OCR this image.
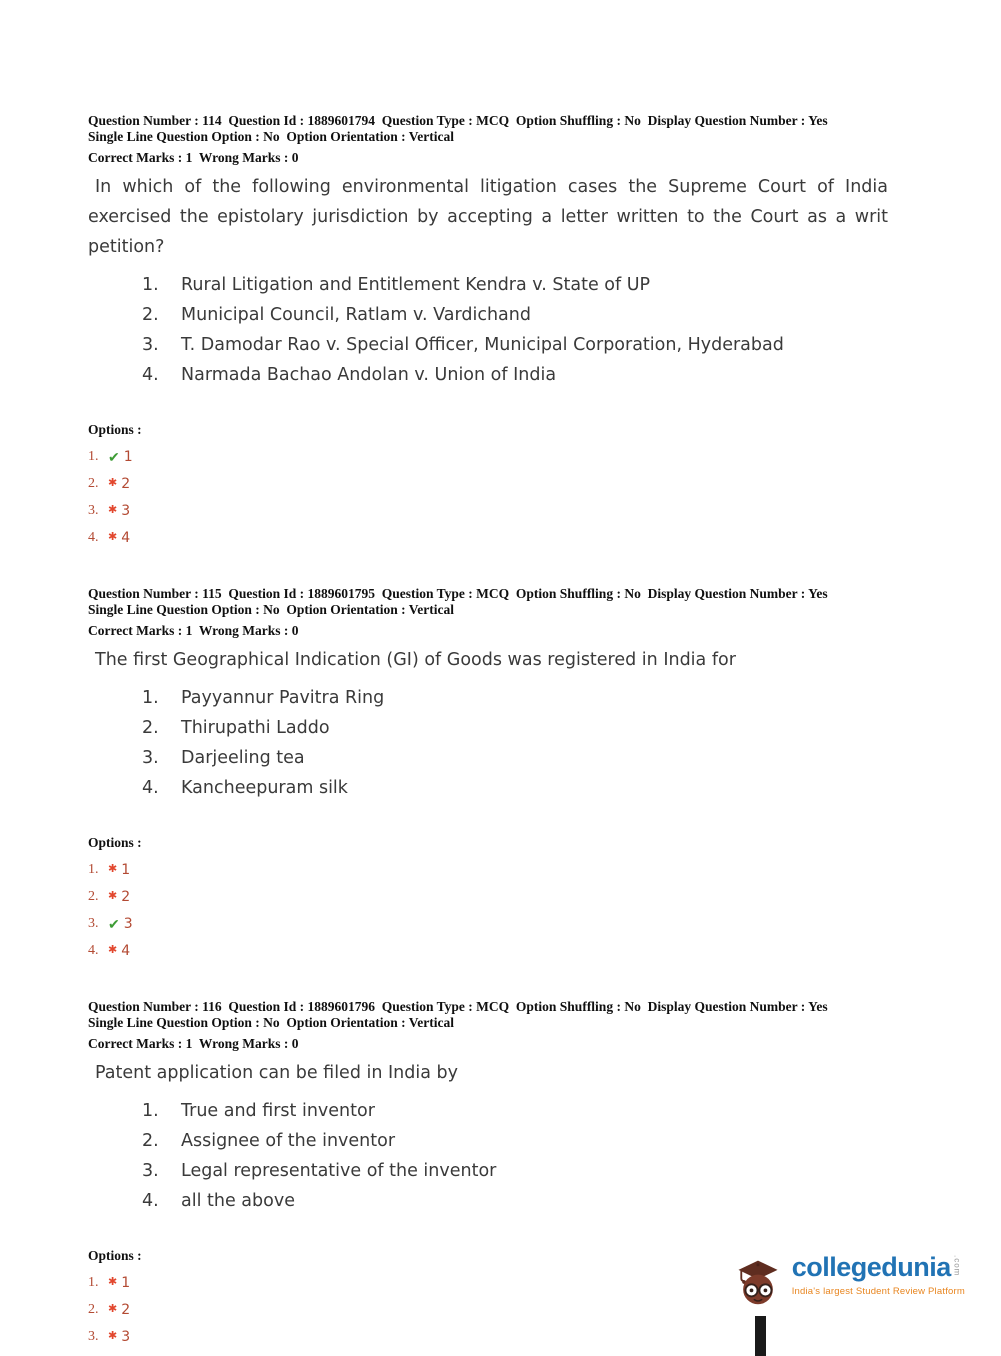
Question Number : 114  Question Id : 1889601794  Question Type : MCQ  Option Shuffling : No  Display Question Number : Yes
Single Line Question Option : No  Option Orientation : Vertical
Correct Marks : 1  Wrong Marks : 0
In which of the following environmental litigation cases the Supreme Court of India exercised the epistolary jurisdiction by accepting a letter written to the Court as a writ petition?
1.	Rural Litigation and Entitlement Kendra v. State of UP
2.	Municipal Council, Ratlam v. Vardichand
3.	T. Damodar Rao v. Special Officer, Municipal Corporation, Hyderabad
4.	Narmada Bachao Andolan v. Union of India
Options :
1. ✔	1
2. ✱	2
3. ✱	3
4. ✱	4
Question Number : 115  Question Id : 1889601795  Question Type : MCQ  Option Shuffling : No  Display Question Number : Yes
Single Line Question Option : No  Option Orientation : Vertical
Correct Marks : 1  Wrong Marks : 0
The first Geographical Indication (GI) of Goods was registered in India for
1.	Payyannur Pavitra Ring
2.	Thirupathi Laddo
3.	Darjeeling tea
4.	Kancheepuram silk
Options :
1. ✱	1
2. ✱	2
3. ✔	3
4. ✱	4
Question Number : 116  Question Id : 1889601796  Question Type : MCQ  Option Shuffling : No  Display Question Number : Yes
Single Line Question Option : No  Option Orientation : Vertical
Correct Marks : 1  Wrong Marks : 0
Patent application can be filed in India by
1.	True and first inventor
2.	Assignee of the inventor
3.	Legal representative of the inventor
4.	all the above
Options :
1. ✱	1
2. ✱	2
3. ✱	3
collegedunia .com
India's largest Student Review Platform
